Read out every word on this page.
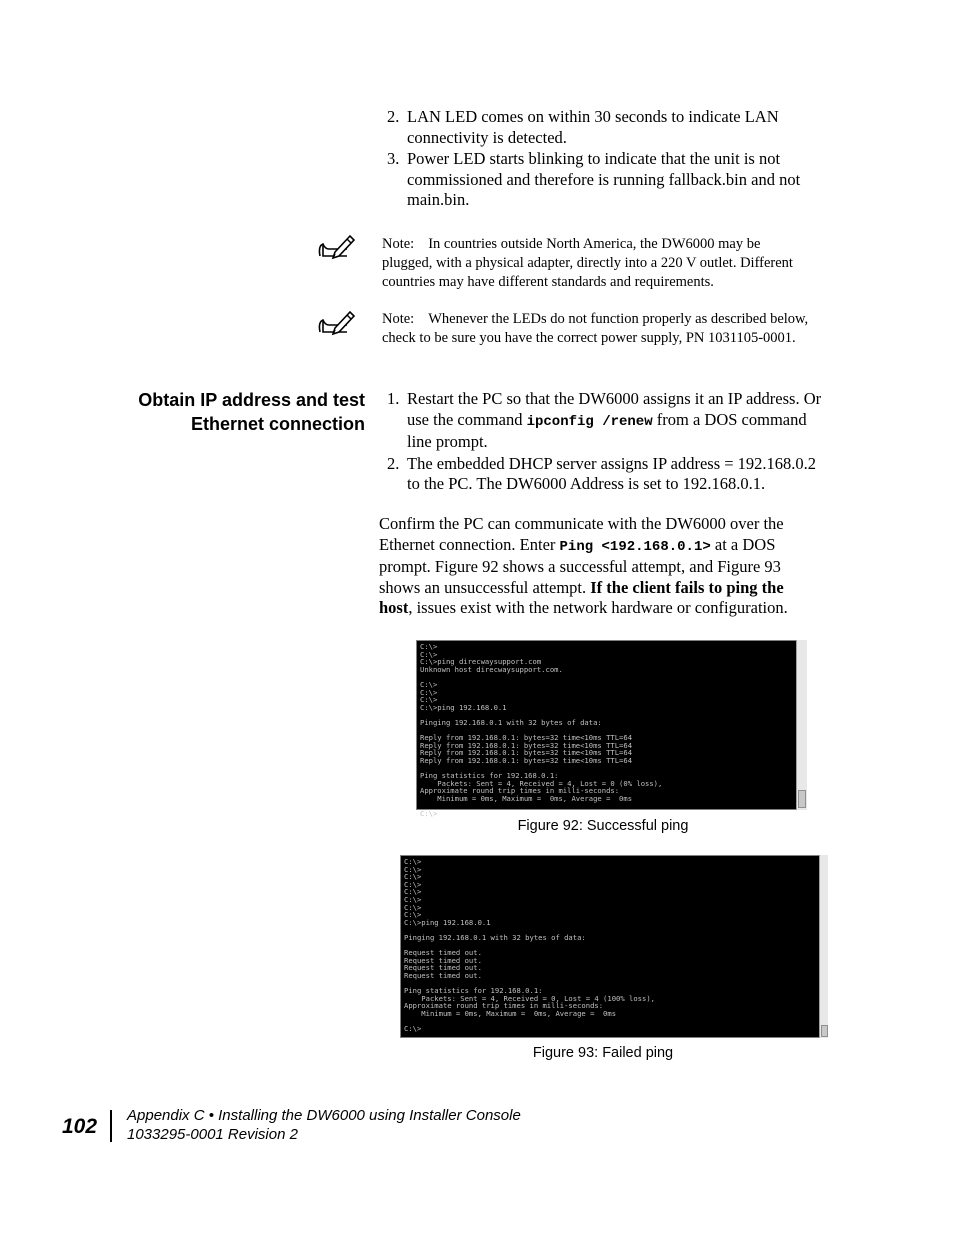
2. LAN LED comes on within 30 seconds to indicate LAN connectivity is detected.
3. Power LED starts blinking to indicate that the unit is not commissioned and therefore is running fallback.bin and not main.bin.
Note: In countries outside North America, the DW6000 may be plugged, with a physical adapter, directly into a 220 V outlet. Different countries may have different standards and requirements.
Note: Whenever the LEDs do not function properly as described below, check to be sure you have the correct power supply, PN 1031105-0001.
Obtain IP address and test
Ethernet connection
1. Restart the PC so that the DW6000 assigns it an IP address. Or use the command ipconfig /renew from a DOS command line prompt.
2. The embedded DHCP server assigns IP address = 192.168.0.2 to the PC. The DW6000 Address is set to 192.168.0.1.

Confirm the PC can communicate with the DW6000 over the Ethernet connection. Enter Ping <192.168.0.1> at a DOS prompt. Figure 92 shows a successful attempt, and Figure 93 shows an unsuccessful attempt. If the client fails to ping the host, issues exist with the network hardware or configuration.

C:\>
C:\>
C:\>ping direcwaysupport.com
Unknown host direcwaysupport.com.

C:\>
C:\>
C:\>
C:\>ping 192.168.0.1

Pinging 192.168.0.1 with 32 bytes of data:

Reply from 192.168.0.1: bytes=32 time<10ms TTL=64
Reply from 192.168.0.1: bytes=32 time<10ms TTL=64
Reply from 192.168.0.1: bytes=32 time<10ms TTL=64
Reply from 192.168.0.1: bytes=32 time<10ms TTL=64

Ping statistics for 192.168.0.1:
Packets: Sent = 4, Received = 4, Lost = 0 (0% loss),
Approximate round trip times in milli-seconds:
Minimum = 0ms, Maximum =  0ms, Average =  0ms

C:\>
Figure 92: Successful ping
C:\>
C:\>
C:\>
C:\>
C:\>
C:\>
C:\>
C:\>
C:\>ping 192.168.0.1

Pinging 192.168.0.1 with 32 bytes of data:

Request timed out.
Request timed out.
Request timed out.
Request timed out.

Ping statistics for 192.168.0.1:
Packets: Sent = 4, Received = 0, Lost = 4 (100% loss),
Approximate round trip times in milli-seconds:
Minimum = 0ms, Maximum =  0ms, Average =  0ms

C:\>
Figure 93: Failed ping
102 Appendix C • Installing the DW6000 using Installer Console
1033295-0001 Revision 2
